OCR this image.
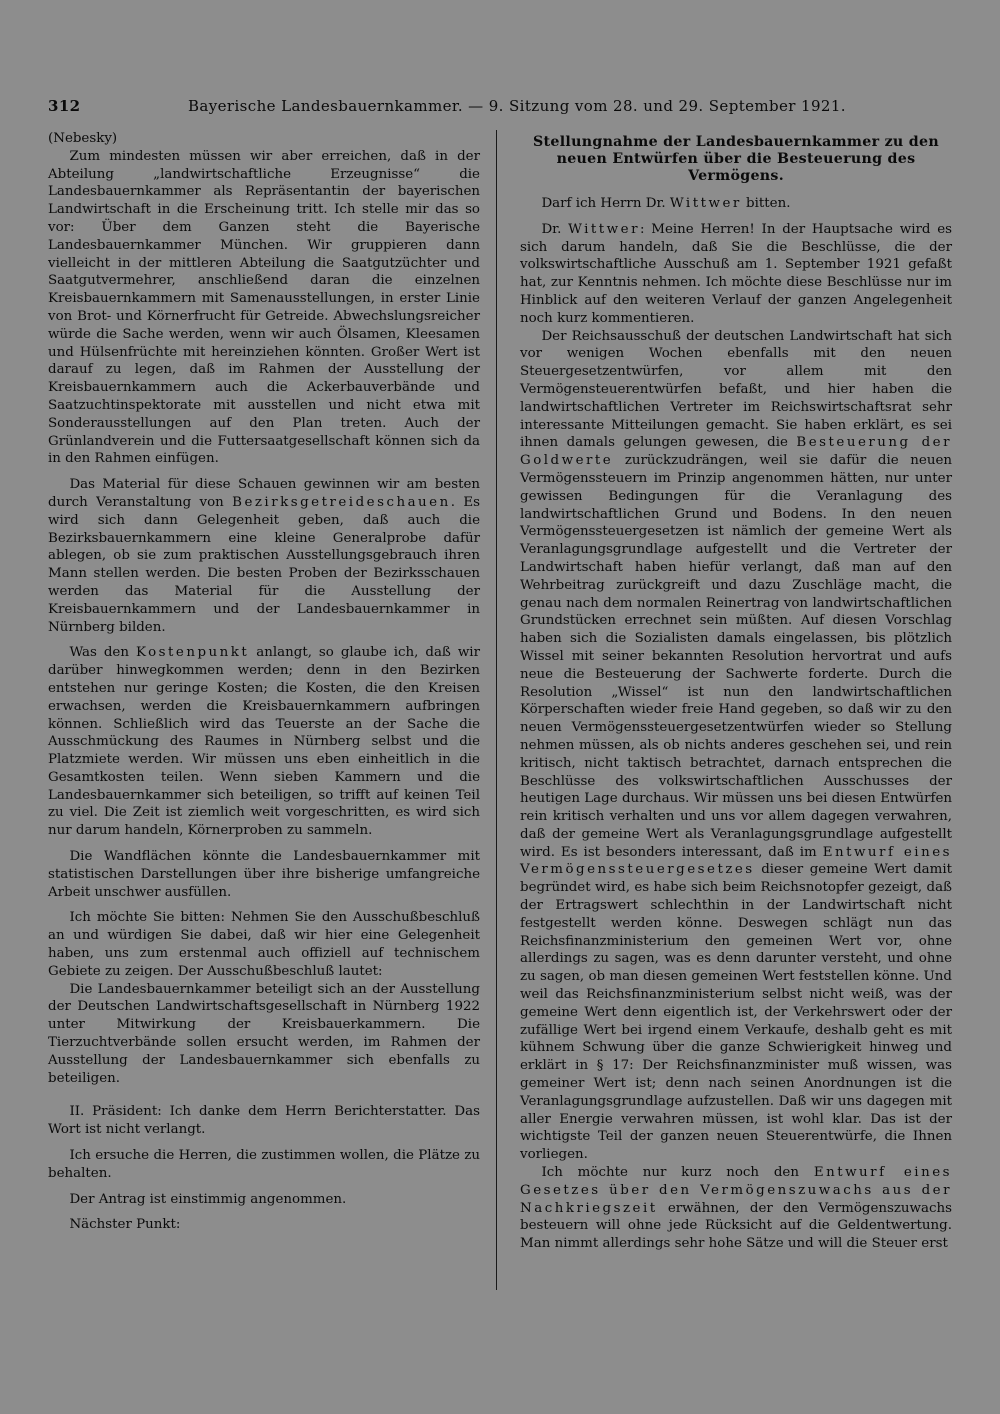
312	Bayerische Landesbauernkammer. — 9. Sitzung vom 28. und 29. September 1921.

(Nebesky)

Zum mindesten müssen wir aber erreichen, daß in der Abteilung „landwirtschaftliche Erzeugnisse“ die Landesbauernkammer als Repräsentantin der bayerischen Landwirtschaft in die Erscheinung tritt. Ich stelle mir das so vor: Über dem Ganzen steht die Bayerische Landesbauernkammer München. Wir gruppieren dann vielleicht in der mittleren Abteilung die Saatgutzüchter und Saatgutvermehrer, anschließend daran die einzelnen Kreisbauernkammern mit Samenausstellungen, in erster Linie von Brot- und Körnerfrucht für Getreide. Abwechslungsreicher würde die Sache werden, wenn wir auch Ölsamen, Kleesamen und Hülsenfrüchte mit hereinziehen könnten. Großer Wert ist darauf zu legen, daß im Rahmen der Ausstellung der Kreisbauernkammern auch die Ackerbauverbände und Saatzuchtinspektorate mit ausstellen und nicht etwa mit Sonderausstellungen auf den Plan treten. Auch der Grünlandverein und die Futtersaatgesellschaft können sich da in den Rahmen einfügen.

Das Material für diese Schauen gewinnen wir am besten durch Veranstaltung von Bezirksgetreideschauen. Es wird sich dann Gelegenheit geben, daß auch die Bezirksbauernkammern eine kleine Generalprobe dafür ablegen, ob sie zum praktischen Ausstellungsgebrauch ihren Mann stellen werden. Die besten Proben der Bezirksschauen werden das Material für die Ausstellung der Kreisbauernkammern und der Landesbauernkammer in Nürnberg bilden.

Was den Kostenpunkt anlangt, so glaube ich, daß wir darüber hinwegkommen werden; denn in den Bezirken entstehen nur geringe Kosten; die Kosten, die den Kreisen erwachsen, werden die Kreisbauernkammern aufbringen können. Schließlich wird das Teuerste an der Sache die Ausschmückung des Raumes in Nürnberg selbst und die Platzmiete werden. Wir müssen uns eben einheitlich in die Gesamtkosten teilen. Wenn sieben Kammern und die Landesbauernkammer sich beteiligen, so trifft auf keinen Teil zu viel. Die Zeit ist ziemlich weit vorgeschritten, es wird sich nur darum handeln, Körnerproben zu sammeln.

Die Wandflächen könnte die Landesbauernkammer mit statistischen Darstellungen über ihre bisherige umfangreiche Arbeit unschwer ausfüllen.

Ich möchte Sie bitten: Nehmen Sie den Ausschußbeschluß an und würdigen Sie dabei, daß wir hier eine Gelegenheit haben, uns zum erstenmal auch offiziell auf technischem Gebiete zu zeigen. Der Ausschußbeschluß lautet:

Die Landesbauernkammer beteiligt sich an der Ausstellung der Deutschen Landwirtschaftsgesellschaft in Nürnberg 1922 unter Mitwirkung der Kreisbauerkammern. Die Tierzuchtverbände sollen ersucht werden, im Rahmen der Ausstellung der Landesbauernkammer sich ebenfalls zu beteiligen.

II. Präsident: Ich danke dem Herrn Berichterstatter. Das Wort ist nicht verlangt.

Ich ersuche die Herren, die zustimmen wollen, die Plätze zu behalten.

Der Antrag ist einstimmig angenommen.

Nächster Punkt:

Stellungnahme der Landesbauernkammer zu den neuen Entwürfen über die Besteuerung des Vermögens.

Darf ich Herrn Dr. Wittwer bitten.

Dr. Wittwer: Meine Herren! In der Hauptsache wird es sich darum handeln, daß Sie die Beschlüsse, die der volkswirtschaftliche Ausschuß am 1. September 1921 gefaßt hat, zur Kenntnis nehmen. Ich möchte diese Beschlüsse nur im Hinblick auf den weiteren Verlauf der ganzen Angelegenheit noch kurz kommentieren.

Der Reichsausschuß der deutschen Landwirtschaft hat sich vor wenigen Wochen ebenfalls mit den neuen Steuergesetzentwürfen, vor allem mit den Vermögensteuerentwürfen befaßt, und hier haben die landwirtschaftlichen Vertreter im Reichswirtschaftsrat sehr interessante Mitteilungen gemacht. Sie haben erklärt, es sei ihnen damals gelungen gewesen, die Besteuerung der Goldwerte zurückzudrängen, weil sie dafür die neuen Vermögenssteuern im Prinzip angenommen hätten, nur unter gewissen Bedingungen für die Veranlagung des landwirtschaftlichen Grund und Bodens. In den neuen Vermögenssteuergesetzen ist nämlich der gemeine Wert als Veranlagungsgrundlage aufgestellt und die Vertreter der Landwirtschaft haben hiefür verlangt, daß man auf den Wehrbeitrag zurückgreift und dazu Zuschläge macht, die genau nach dem normalen Reinertrag von landwirtschaftlichen Grundstücken errechnet sein müßten. Auf diesen Vorschlag haben sich die Sozialisten damals eingelassen, bis plötzlich Wissel mit seiner bekannten Resolution hervortrat und aufs neue die Besteuerung der Sachwerte forderte. Durch die Resolution „Wissel“ ist nun den landwirtschaftlichen Körperschaften wieder freie Hand gegeben, so daß wir zu den neuen Vermögenssteuergesetzentwürfen wieder so Stellung nehmen müssen, als ob nichts anderes geschehen sei, und rein kritisch, nicht taktisch betrachtet, darnach entsprechen die Beschlüsse des volkswirtschaftlichen Ausschusses der heutigen Lage durchaus. Wir müssen uns bei diesen Entwürfen rein kritisch verhalten und uns vor allem dagegen verwahren, daß der gemeine Wert als Veranlagungsgrundlage aufgestellt wird. Es ist besonders interessant, daß im Entwurf eines Vermögenssteuergesetzes dieser gemeine Wert damit begründet wird, es habe sich beim Reichsnotopfer gezeigt, daß der Ertragswert schlechthin in der Landwirtschaft nicht festgestellt werden könne. Deswegen schlägt nun das Reichsfinanzministerium den gemeinen Wert vor, ohne allerdings zu sagen, was es denn darunter versteht, und ohne zu sagen, ob man diesen gemeinen Wert feststellen könne. Und weil das Reichsfinanzministerium selbst nicht weiß, was der gemeine Wert denn eigentlich ist, der Verkehrswert oder der zufällige Wert bei irgend einem Verkaufe, deshalb geht es mit kühnem Schwung über die ganze Schwierigkeit hinweg und erklärt in § 17: Der Reichsfinanzminister muß wissen, was gemeiner Wert ist; denn nach seinen Anordnungen ist die Veranlagungsgrundlage aufzustellen. Daß wir uns dagegen mit aller Energie verwahren müssen, ist wohl klar. Das ist der wichtigste Teil der ganzen neuen Steuerentwürfe, die Ihnen vorliegen.

Ich möchte nur kurz noch den Entwurf eines Gesetzes über den Vermögenszuwachs aus der Nachkriegszeit erwähnen, der den Vermögenszuwachs besteuern will ohne jede Rücksicht auf die Geldentwertung. Man nimmt allerdings sehr hohe Sätze und will die Steuer erst
